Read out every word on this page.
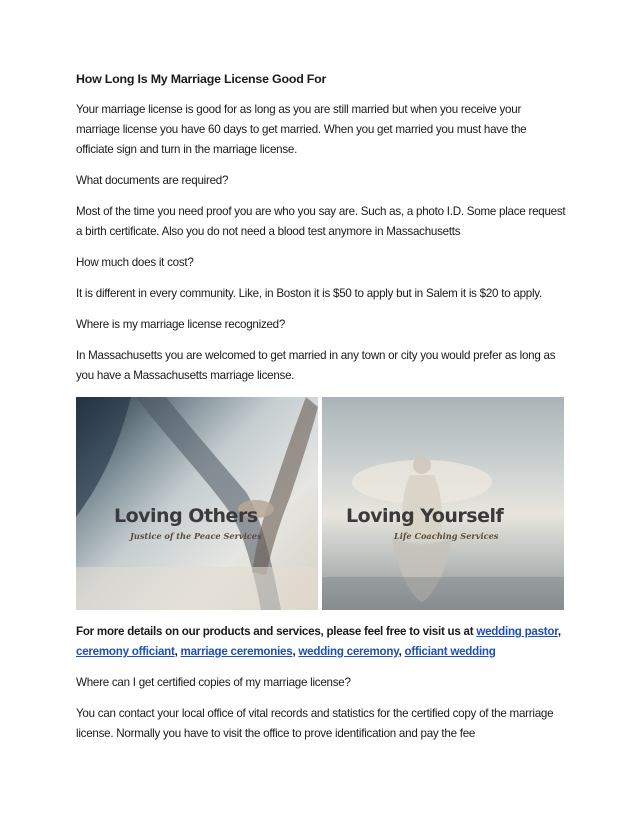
How Long Is My Marriage License Good For

Your marriage license is good for as long as you are still married but when you receive your marriage license you have 60 days to get married. When you get married you must have the officiate sign and turn in the marriage license.

What documents are required?

Most of the time you need proof you are who you say are. Such as, a photo I.D. Some place request a birth certificate. Also you do not need a blood test anymore in Massachusetts

How much does it cost?

It is different in every community. Like, in Boston it is $50 to apply but in Salem it is $20 to apply.

Where is my marriage license recognized?

In Massachusetts you are welcomed to get married in any town or city you would prefer as long as you have a Massachusetts marriage license.

Loving Others
Justice of the Peace Services
Loving Yourself
Life Coaching Services

For more details on our products and services, please feel free to visit us at wedding pastor, ceremony officiant, marriage ceremonies, wedding ceremony, officiant wedding

Where can I get certified copies of my marriage license?

You can contact your local office of vital records and statistics for the certified copy of the marriage license. Normally you have to visit the office to prove identification and pay the fee
